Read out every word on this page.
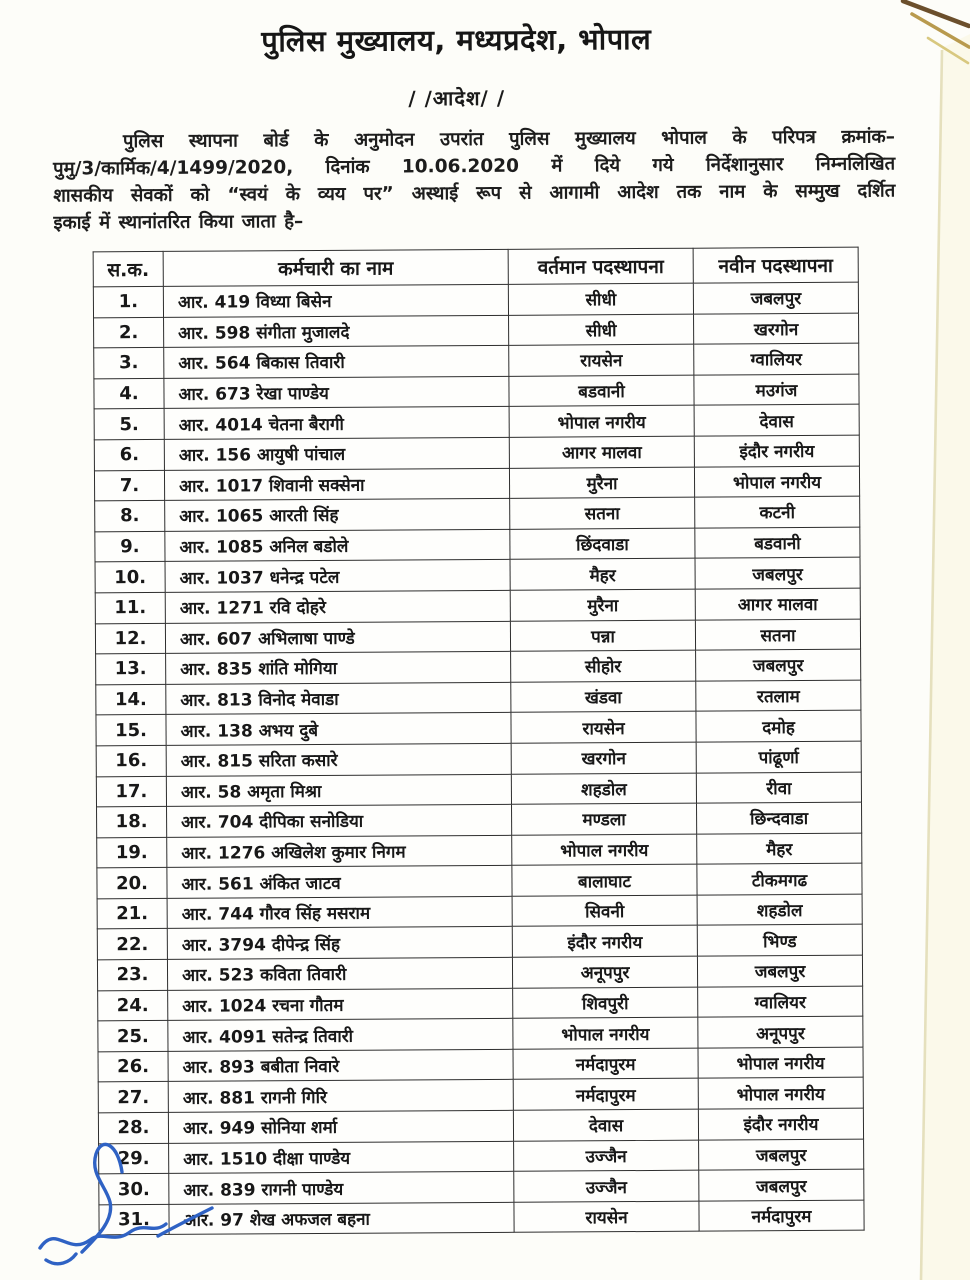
पुलिस मुख्यालय, मध्यप्रदेश, भोपाल
/ /आदेश/ /
पुलिस स्थापना बोर्ड के अनुमोदन उपरांत पुलिस मुख्यालय भोपाल के परिपत्र क्रमांक–
पुमु/3/कार्मिक/4/1499/2020, दिनांक 10.06.2020 में दिये गये निर्देशानुसार निम्नलिखित
शासकीय सेवकों को “स्वयं के व्यय पर” अस्थाई रूप से आगामी आदेश तक नाम के सम्मुख दर्शित
इकाई में स्थानांतरित किया जाता है–
स.क.	कर्मचारी का नाम	वर्तमान पदस्थापना	नवीन पदस्थापना
1.	आर. 419 विध्या बिसेन	सीधी	जबलपुर
2.	आर. 598 संगीता मुजालदे	सीधी	खरगोन
3.	आर. 564 बिकास तिवारी	रायसेन	ग्वालियर
4.	आर. 673 रेखा पाण्डेय	बडवानी	मउगंज
5.	आर. 4014 चेतना बैरागी	भोपाल नगरीय	देवास
6.	आर. 156 आयुषी पांचाल	आगर मालवा	इंदौर नगरीय
7.	आर. 1017 शिवानी सक्सेना	मुरैना	भोपाल नगरीय
8.	आर. 1065 आरती सिंह	सतना	कटनी
9.	आर. 1085 अनिल बडोले	छिंदवाडा	बडवानी
10.	आर. 1037 धनेन्द्र पटेल	मैहर	जबलपुर
11.	आर. 1271 रवि दोहरे	मुरैना	आगर मालवा
12.	आर. 607 अभिलाषा पाण्डे	पन्ना	सतना
13.	आर. 835 शांति मोगिया	सीहोर	जबलपुर
14.	आर. 813 विनोद मेवाडा	खंडवा	रतलाम
15.	आर. 138 अभय दुबे	रायसेन	दमोह
16.	आर. 815 सरिता कसारे	खरगोन	पांढूर्णा
17.	आर. 58 अमृता मिश्रा	शहडोल	रीवा
18.	आर. 704 दीपिका सनोडिया	मण्डला	छिन्दवाडा
19.	आर. 1276 अखिलेश कुमार निगम	भोपाल नगरीय	मैहर
20.	आर. 561 अंकित जाटव	बालाघाट	टीकमगढ
21.	आर. 744 गौरव सिंह मसराम	सिवनी	शहडोल
22.	आर. 3794 दीपेन्द्र सिंह	इंदौर नगरीय	भिण्ड
23.	आर. 523 कविता तिवारी	अनूपपुर	जबलपुर
24.	आर. 1024 रचना गौतम	शिवपुरी	ग्वालियर
25.	आर. 4091 सतेन्द्र तिवारी	भोपाल नगरीय	अनूपपुर
26.	आर. 893 बबीता निवारे	नर्मदापुरम	भोपाल नगरीय
27.	आर. 881 रागनी गिरि	नर्मदापुरम	भोपाल नगरीय
28.	आर. 949 सोनिया शर्मा	देवास	इंदौर नगरीय
29.	आर. 1510 दीक्षा पाण्डेय	उज्जैन	जबलपुर
30.	आर. 839 रागनी पाण्डेय	उज्जैन	जबलपुर
31.	आर. 97 शेख अफजल बहना	रायसेन	नर्मदापुरम
